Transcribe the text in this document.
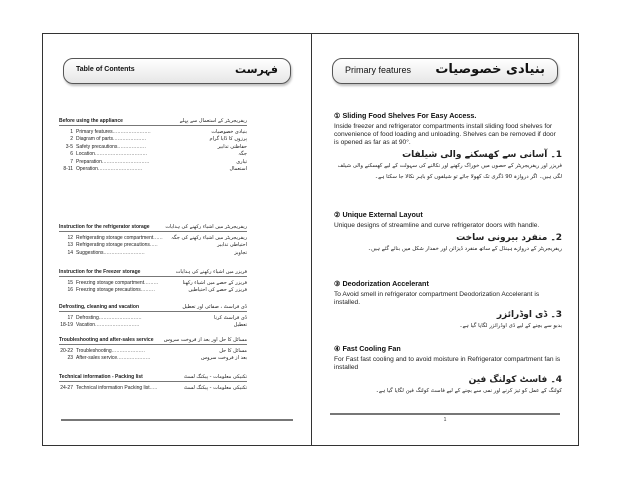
Table of Contents	فہرست
Before using the appliance	ریفریجریٹر کے استعمال سے پہلے
1 Primary features ........................	بنیادی خصوصیات
2 Diagram of parts .....................	پرزوں کا ڈایا گرام
3-5 Safety precautions ..................	حفاظتی تدابیر
6 Location .................................	جگہ
7 Preparation ..............................	تیاری
8-11 Operation ............................	استعمال
Instruction for the refrigerator storage	ریفریجریٹر میں اشیاء رکھنے کی ہدایات
12 Refrigerating storage compartment ......	ریفریجریٹر میں اشیاء رکھنے کی جگہ
13 Refrigerating storage precautions .....	احتیاطی تدابیر
14 Suggestions ..........................	تجاویز
Instruction for the Freezer storage	فریزر میں اشیاء رکھنے کی ہدایات
15 Freezing storage compartment .........	فریزر کے حصے میں اشیاء رکھنا
16 Freezing storage precautions .........	فریزر کے حصے کی احتیاطیں
Defrosting, cleaning and vacation	ڈی فراسٹ ، صفائی اور تعطیل
17 Defrosting ...........................	ڈی فراسٹ کرنا
18-19 Vacation ............................	تعطیل
Troubleshooting and after-sales service مسائل کا حل اور بعد از فروخت سروس
20-22 Troubleshooting .....................	مسائل کا حل
23 After-sales service .....................	بعد از فروخت سروس
Technical information - Packing list	تکنیکی معلومات - پیکنگ لسٹ
24-27 Technical information Packing list .....	تکنیکی معلومات - پیکنگ لسٹ
Primary features بنیادی خصوصیات
① Sliding Food Shelves For Easy Access.
Inside freezer and refrigerator compartments install sliding food shelves for convenience of food loading and unloading. Shelves can be removed if door is opened as far as at 90°.
1۔ آسانی سے کھسکنے والی شیلفات
فریزر اور ریفریجریٹر کے حصوں میں خوراک رکھنے اور نکالنے کی سہولت کے لیے کھسکنے والی شیلف لگی ہیں۔ اگر دروازہ 90 ڈگری تک کھولا جائے تو شیلفوں کو باہر نکالا جا سکتا ہے۔
② Unique External Layout
Unique designs of streamline and curve refrigerator doors with handle.
2۔ منفرد بیرونی ساخت
ریفریجریٹر کے دروازے ہینڈل کے ساتھ منفرد ڈیزائن اور خمدار شکل میں بنائے گئے ہیں۔
③ Deodorization Accelerant
To Avoid smell in refrigerator compartment Deodorization Accelerant is installed.
3۔ ڈی اوڈرائزر
بدبو سے بچنے کے لیے ڈی اوڈرائزر لگایا گیا ہے۔
④ Fast Cooling Fan
For Fast fast cooling and to avoid moisture in Refrigerator compartment fan is installed
4۔ فاسٹ کولنگ فین
کولنگ کے عمل کو تیز کرنے اور نمی سے بچنے کے لیے فاسٹ کولنگ فین لگایا گیا ہے۔
1
